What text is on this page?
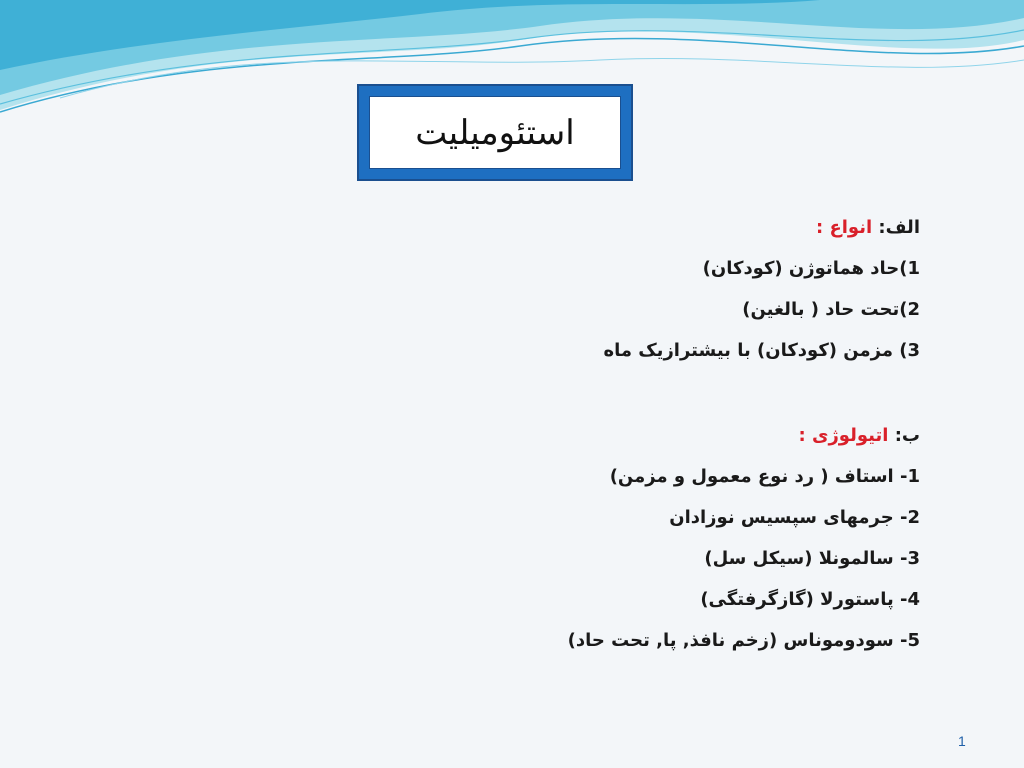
استئومیلیت
الف: انواع :
1)حاد هماتوژن (کودکان)
2)تحت حاد ( بالغین)
3) مزمن (کودکان) با بیشترازیک ماه
ب: اتیولوژی :
1- استاف ( رد نوع معمول و مزمن)
2- جرمهای سپسیس نوزادان
3- سالمونلا (سیکل سل)
4- پاستورلا (گازگرفتگی)
5- سودوموناس (زخم نافذ, پا, تحت حاد)
1
